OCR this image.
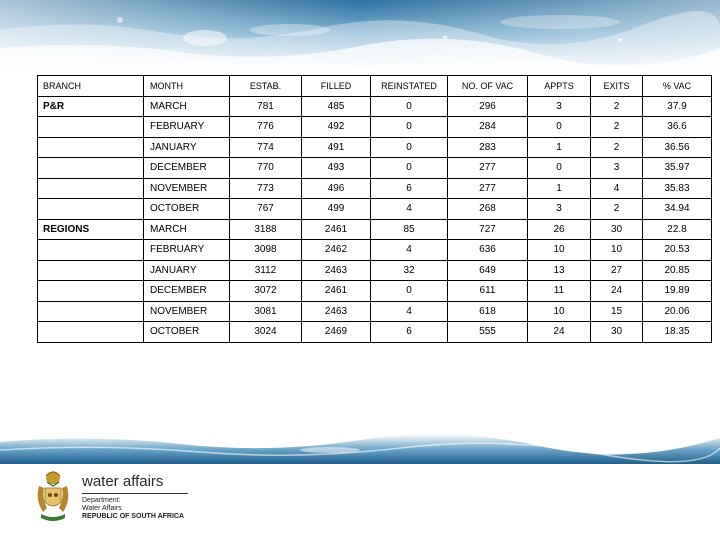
BRANCH	MONTH	ESTAB.	FILLED	REINSTATED	NO. OF VAC	APPTS	EXITS	% VAC
P&R	MARCH	781	485	0	296	3	2	37.9
	FEBRUARY	776	492	0	284	0	2	36.6
	JANUARY	774	491	0	283	1	2	36.56
	DECEMBER	770	493	0	277	0	3	35.97
	NOVEMBER	773	496	6	277	1	4	35.83
	OCTOBER	767	499	4	268	3	2	34.94
REGIONS	MARCH	3188	2461	85	727	26	30	22.8
	FEBRUARY	3098	2462	4	636	10	10	20.53
	JANUARY	3112	2463	32	649	13	27	20.85
	DECEMBER	3072	2461	0	611	11	24	19.89
	NOVEMBER	3081	2463	4	618	10	15	20.06
	OCTOBER	3024	2469	6	555	24	30	18.35
water affairs
Department:
Water Affairs
REPUBLIC OF SOUTH AFRICA
